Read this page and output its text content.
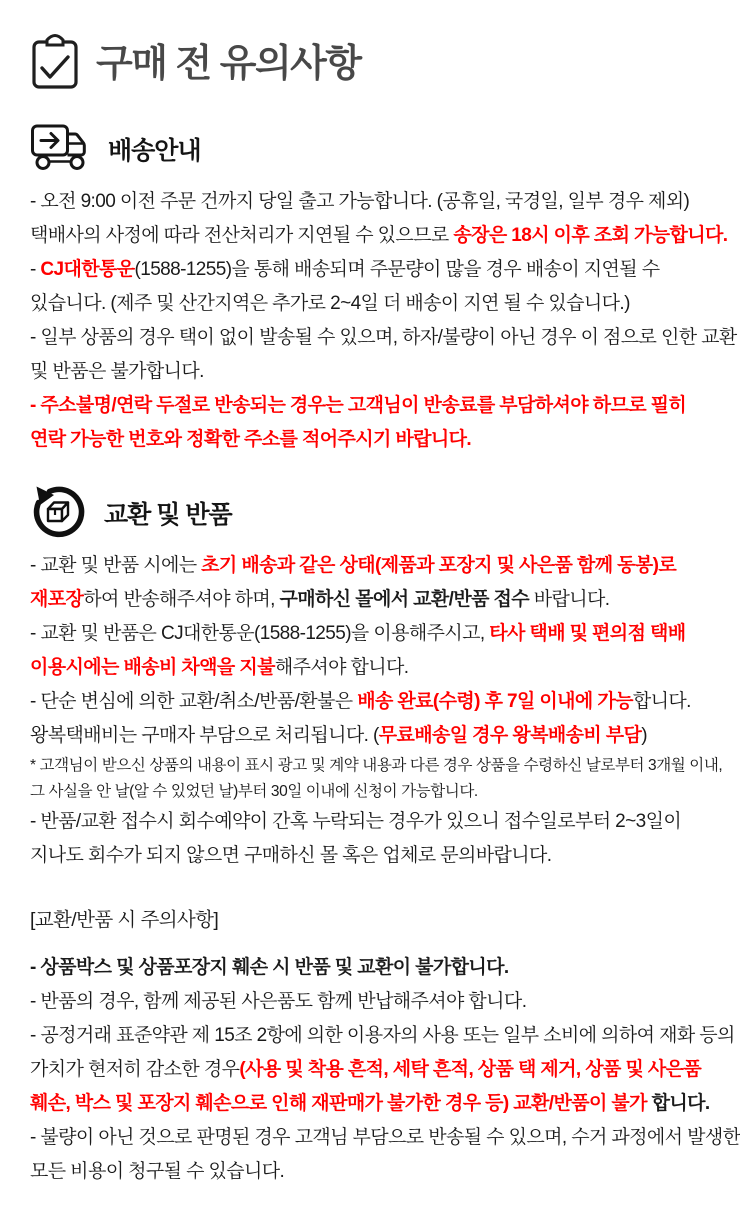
구매 전 유의사항
배송안내

- 오전 9:00 이전 주문 건까지 당일 출고 가능합니다. (공휴일, 국경일, 일부 경우 제외)

택배사의 사정에 따라 전산처리가 지연될 수 있으므로 송장은 18시 이후 조회 가능합니다.

- CJ대한통운(1588-1255)을 통해 배송되며 주문량이 많을 경우 배송이 지연될 수

있습니다. (제주 및 산간지역은 추가로 2~4일 더 배송이 지연 될 수 있습니다.)

- 일부 상품의 경우 택이 없이 발송될 수 있으며, 하자/불량이 아닌 경우 이 점으로 인한 교환

및 반품은 불가합니다.

- 주소불명/연락 두절로 반송되는 경우는 고객님이 반송료를 부담하셔야 하므로 필히

연락 가능한 번호와 정확한 주소를 적어주시기 바랍니다.

교환 및 반품

- 교환 및 반품 시에는 초기 배송과 같은 상태(제품과 포장지 및 사은품 함께 동봉)로

재포장하여 반송해주셔야 하며, 구매하신 몰에서 교환/반품 접수 바랍니다.

- 교환 및 반품은 CJ대한통운(1588-1255)을 이용해주시고, 타사 택배 및 편의점 택배

이용시에는 배송비 차액을 지불해주셔야 합니다.

- 단순 변심에 의한 교환/취소/반품/환불은 배송 완료(수령) 후 7일 이내에 가능합니다.

왕복택배비는 구매자 부담으로 처리됩니다. (무료배송일 경우 왕복배송비 부담)

* 고객님이 받으신 상품의 내용이 표시 광고 및 계약 내용과 다른 경우 상품을 수령하신 날로부터 3개월 이내,

그 사실을 안 날(알 수 있었던 날)부터 30일 이내에 신청이 가능합니다.

- 반품/교환 접수시 회수예약이 간혹 누락되는 경우가 있으니 접수일로부터 2~3일이

지나도 회수가 되지 않으면 구매하신 몰 혹은 업체로 문의바랍니다.

[교환/반품 시 주의사항]

- 상품박스 및 상품포장지 훼손 시 반품 및 교환이 불가합니다.

- 반품의 경우, 함께 제공된 사은품도 함께 반납해주셔야 합니다.

- 공정거래 표준약관 제 15조 2항에 의한 이용자의 사용 또는 일부 소비에 의하여 재화 등의

가치가 현저히 감소한 경우(사용 및 착용 흔적, 세탁 흔적, 상품 택 제거, 상품 및 사은품

훼손, 박스 및 포장지 훼손으로 인해 재판매가 불가한 경우 등) 교환/반품이 불가 합니다.

- 불량이 아닌 것으로 판명된 경우 고객님 부담으로 반송될 수 있으며, 수거 과정에서 발생한

모든 비용이 청구될 수 있습니다.
